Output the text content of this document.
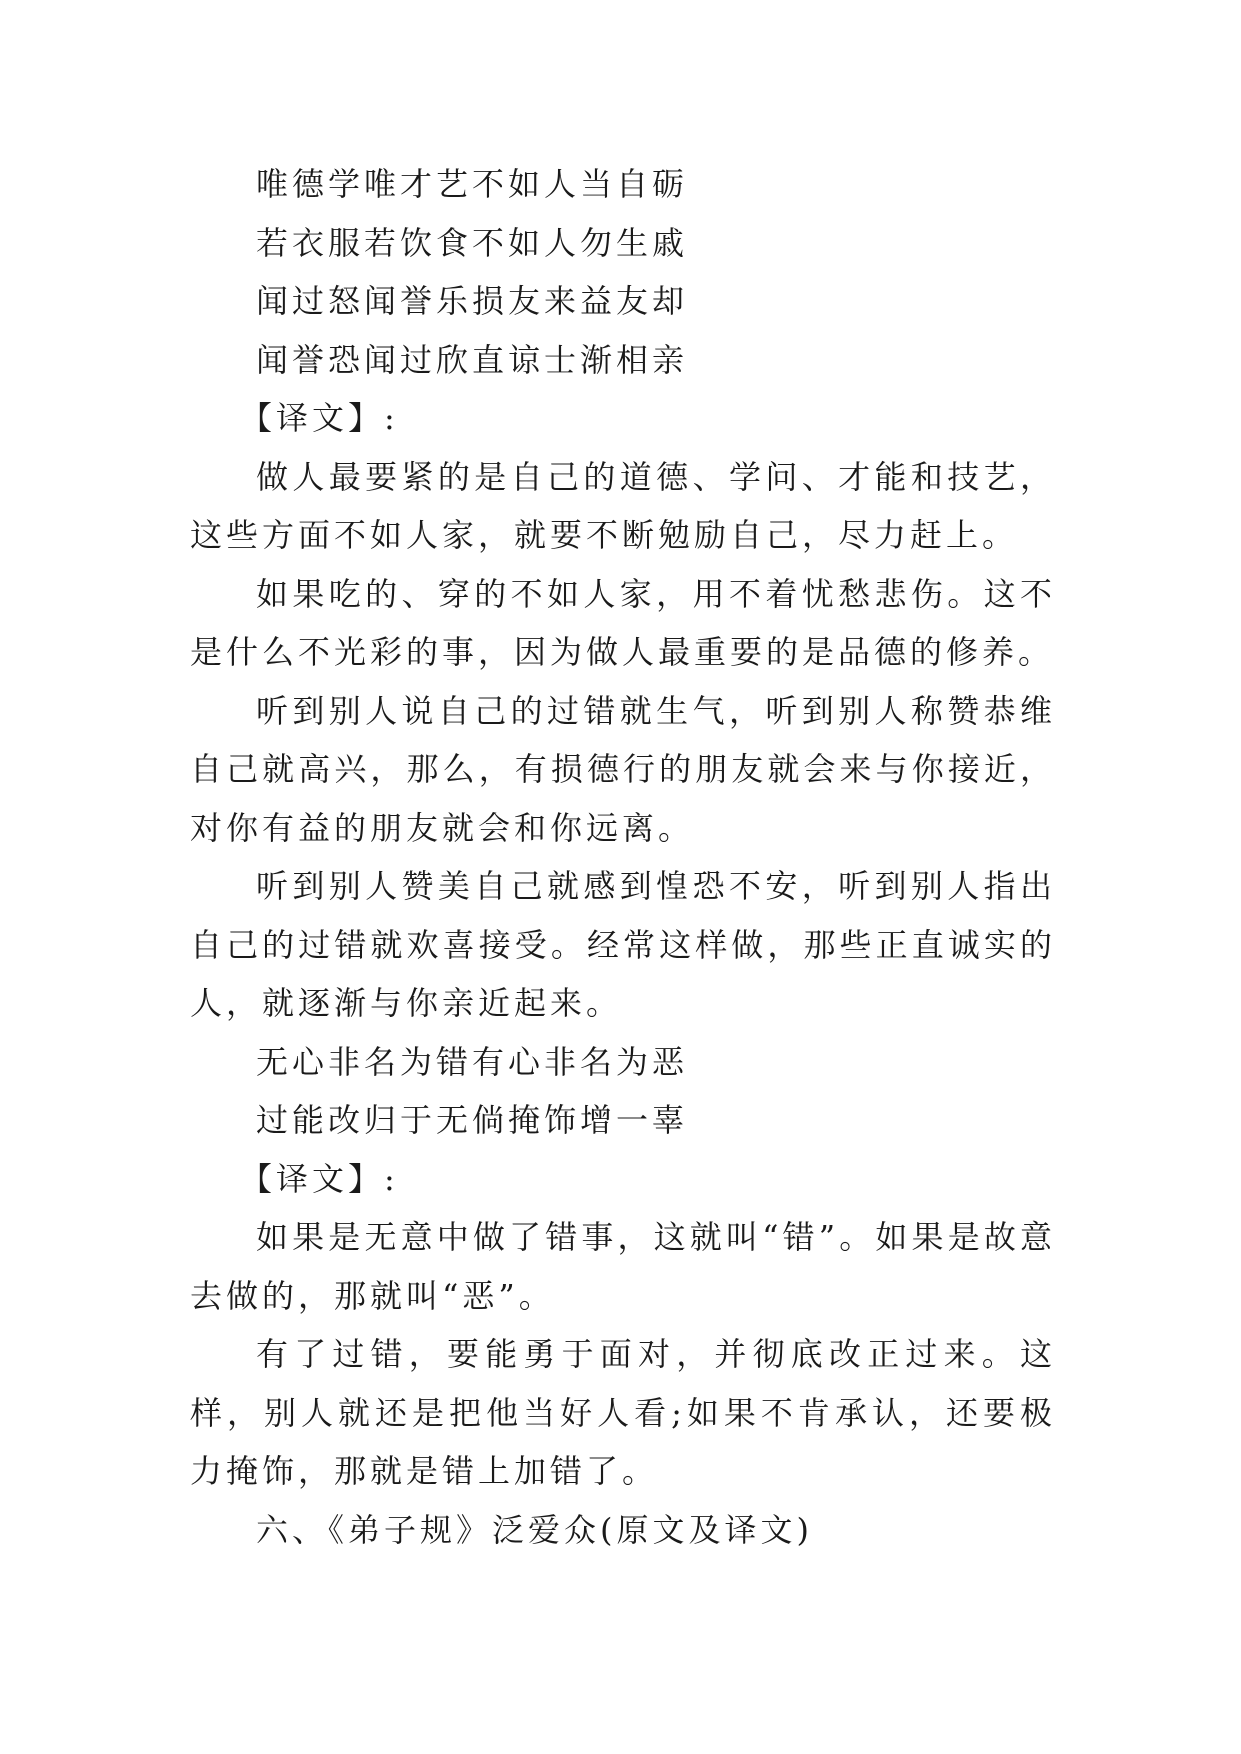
唯德学唯才艺不如人当自砺
若衣服若饮食不如人勿生戚
闻过怒闻誉乐损友来益友却
闻誉恐闻过欣直谅士渐相亲
【译文】:

做人最要紧的是自己的道德、学问、才能和技艺，这些方面不如人家，就要不断勉励自己，尽力赶上。

如果吃的、穿的不如人家，用不着忧愁悲伤。这不是什么不光彩的事，因为做人最重要的是品德的修养。

听到别人说自己的过错就生气，听到别人称赞恭维自己就高兴，那么，有损德行的朋友就会来与你接近，对你有益的朋友就会和你远离。

听到别人赞美自己就感到惶恐不安，听到别人指出自己的过错就欢喜接受。经常这样做，那些正直诚实的人，就逐渐与你亲近起来。

无心非名为错有心非名为恶
过能改归于无倘掩饰增一辜
【译文】:

如果是无意中做了错事，这就叫“错”。如果是故意去做的，那就叫“恶”。

有了过错，要能勇于面对，并彻底改正过来。这样，别人就还是把他当好人看;如果不肯承认，还要极力掩饰，那就是错上加错了。

六、《弟子规》泛爱众(原文及译文)
